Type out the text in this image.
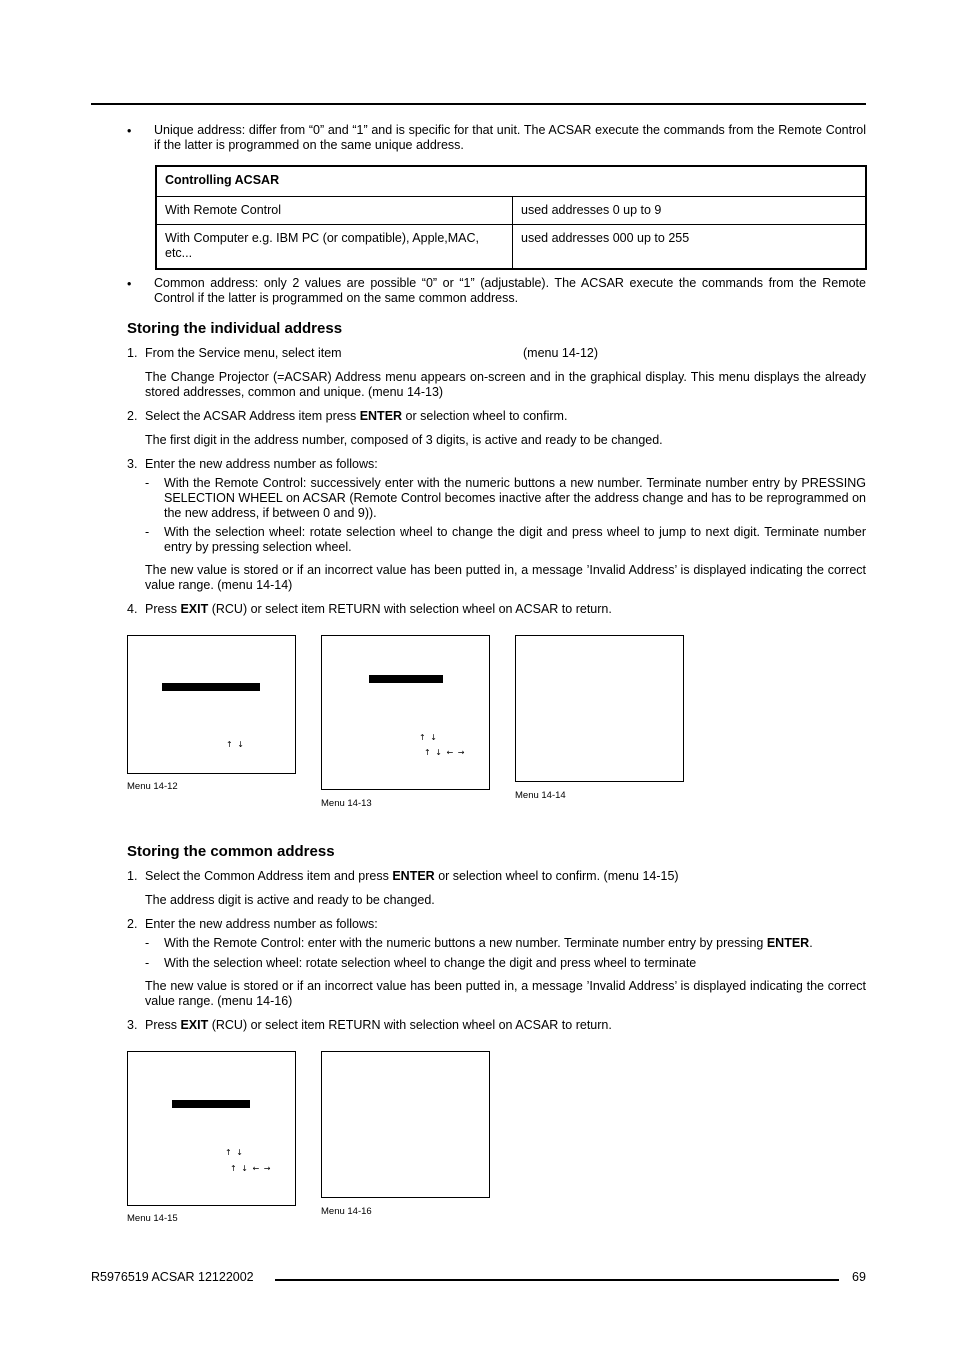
• Unique address: differ from “0” and “1” and is specific for that unit. The ACSAR execute the commands from the Remote Control if the latter is programmed on the same unique address.
Controlling ACSAR	
With Remote Control	used addresses 0 up to 9
With Computer e.g. IBM PC (or compatible), Apple,MAC, etc...	used addresses 000 up to 255
• Common address: only 2 values are possible “0” or “1” (adjustable). The ACSAR execute the commands from the Remote Control if the latter is programmed on the same common address.
Storing the individual address
1. From the Service menu, select item	(menu 14-12)
The Change Projector (=ACSAR) Address menu appears on-screen and in the graphical display. This menu displays the already stored addresses, common and unique. (menu 14-13)
2. Select the ACSAR Address item press ENTER or selection wheel to confirm.
The first digit in the address number, composed of 3 digits, is active and ready to be changed.
3. Enter the new address number as follows:
- With the Remote Control: successively enter with the numeric buttons a new number. Terminate number entry by PRESSING SELECTION WHEEL on ACSAR (Remote Control becomes inactive after the address change and has to be reprogrammed on the new address, if between 0 and 9)).
- With the selection wheel: rotate selection wheel to change the digit and press wheel to jump to next digit. Terminate number entry by pressing selection wheel.
The new value is stored or if an incorrect value has been putted in, a message ’Invalid Address’ is displayed indicating the correct value range. (menu 14-14)
4. Press EXIT (RCU) or select item RETURN with selection wheel on ACSAR to return.
↑ ↓
Menu 14-12
↑ ↓
↑ ↓ ← →
Menu 14-13
Menu 14-14
Storing the common address
1. Select the Common Address item and press ENTER or selection wheel to confirm. (menu 14-15)
The address digit is active and ready to be changed.
2. Enter the new address number as follows:
- With the Remote Control: enter with the numeric buttons a new number. Terminate number entry by pressing ENTER.
- With the selection wheel: rotate selection wheel to change the digit and press wheel to terminate
The new value is stored or if an incorrect value has been putted in, a message ’Invalid Address’ is displayed indicating the correct value range. (menu 14-16)
3. Press EXIT (RCU) or select item RETURN with selection wheel on ACSAR to return.
↑ ↓
↑ ↓ ← →
Menu 14-15
Menu 14-16
R5976519 ACSAR 12122002	69
